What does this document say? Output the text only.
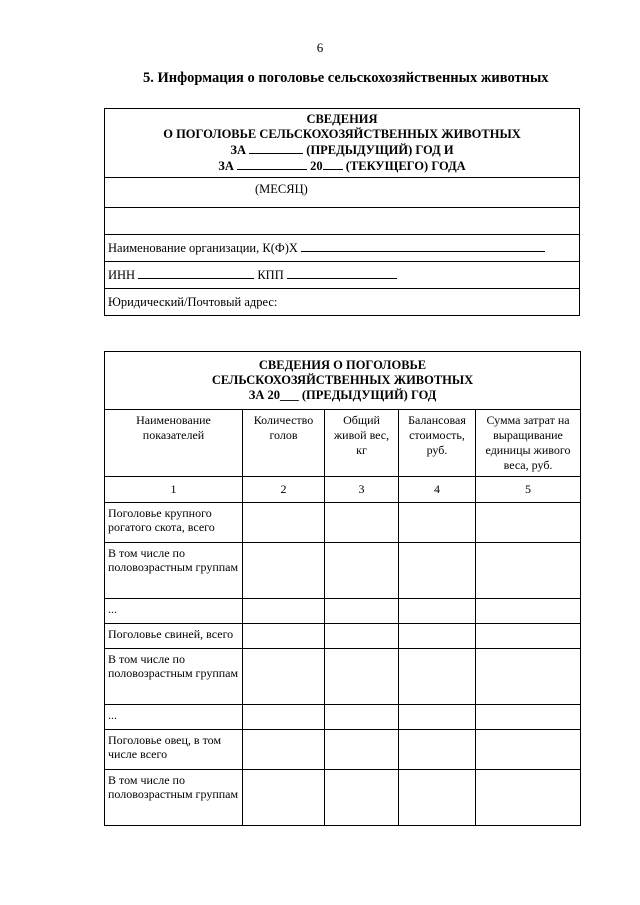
6
5. Информация о поголовье сельскохозяйственных животных
СВЕДЕНИЯ
О ПОГОЛОВЬЕ СЕЛЬСКОХОЗЯЙСТВЕННЫХ ЖИВОТНЫХ
ЗА	(ПРЕДЫДУЩИЙ) ГОД И
ЗА	20 (ТЕКУЩЕГО) ГОДА

(МЕСЯЦ)

Наименование организации, К(Ф)Х
ИНН	КПП
Юридический/Почтовый адрес:
СВЕДЕНИЯ О ПОГОЛОВЬЕ
СЕЛЬСКОХОЗЯЙСТВЕННЫХ ЖИВОТНЫХ
ЗА 20___ (ПРЕДЫДУЩИЙ) ГОД				

Наименование показателей	Количество голов	Общий живой вес, кг	Балансовая стоимость, руб.	Сумма затрат на выращивание единицы живого веса, руб.
1	2	3	4	5
Поголовье крупного рогатого скота, всего				
В том числе по половозрастным группам				
...				
Поголовье свиней, всего				
В том числе по половозрастным группам				
...				
Поголовье овец, в том числе всего				
В том числе по половозрастным группам				
